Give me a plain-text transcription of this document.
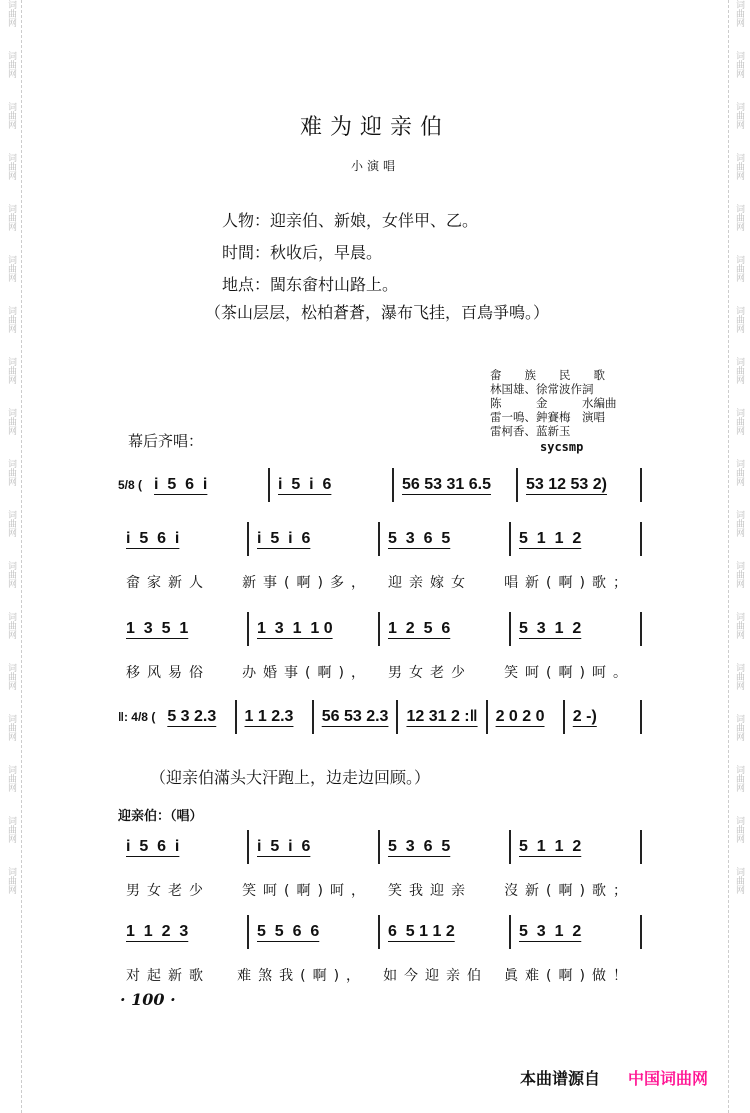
词曲网
词曲网
词曲网
词曲网
词曲网
词曲网
词曲网
词曲网
词曲网
词曲网
词曲网
词曲网
词曲网
词曲网
词曲网
词曲网
词曲网
词曲网
词曲网
词曲网
词曲网
词曲网
词曲网
词曲网
词曲网
词曲网
词曲网
词曲网
词曲网
词曲网
词曲网
词曲网
词曲网
词曲网
词曲网
词曲网
难为迎亲伯
小演唱
人物：迎亲伯、新娘，女伴甲、乙。
时間：秋收后，早晨。
地点：閩东畲村山路上。
（茶山层层，松柏蒼蒼，瀑布飞挂，百鳥爭鳴。）
畲　　族　　民　　歌
林国雄、徐常波作詞
陈　　　金　　　水編曲
雷一鳴、鈡賽梅　演唱
雷柯香、蓝新玉
sycsmp
幕后齐唱：
5/8 ( i  5  6  i	i  5  i  6	56 53 31 6.5	53 12 53 2)
i  5  6  i	i  5  i  6	5  3  6  5	5  1  1  2
畲家新人	新事(啊)多，	迎亲嫁女	唱新(啊)歌；
1  3  5  1	1  3  1  1 0	1  2  5  6	5  3  1  2
移风易俗	办婚事(啊)，	男女老少	笑呵(啊)呵。
‖: 4/8 ( 5 3 2.3	1 1 2.3	56 53 2.3	12 31 2 :‖	2 0 2 0	2 -)
i  5  6  i	i  5  i  6	5  3  6  5	5  1  1  2
男女老少	笑呵(啊)呵，	笑我迎亲	沒新(啊)歌；
1  1  2  3	5  5  6  6	6  5 1 1 2	5  3  1  2
对起新歌	难煞我(啊)，	如今迎亲伯	眞难(啊)做！
（迎亲伯滿头大汗跑上，边走边回顾。）
迎亲伯：（唱）
· 100 ·
本曲谱源自 中国词曲网
